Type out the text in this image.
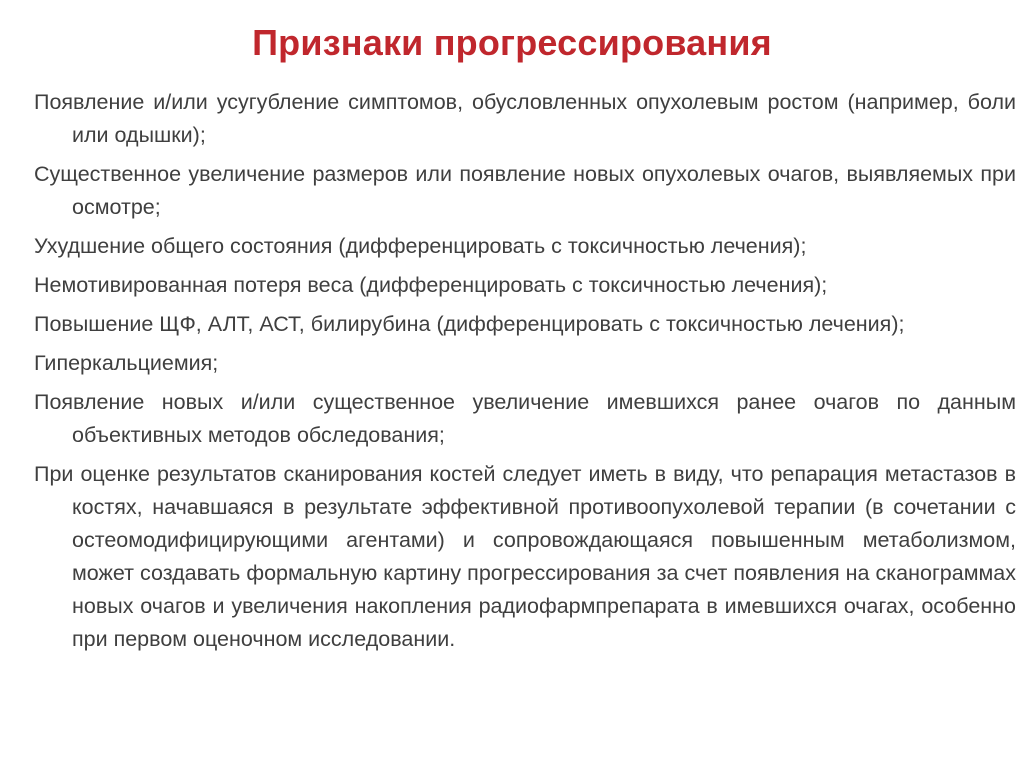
Признаки прогрессирования
Появление и/или усугубление симптомов, обусловленных опухолевым ростом (например, боли или одышки);
Существенное увеличение размеров или появление новых опухолевых очагов, выявляемых при осмотре;
Ухудшение общего состояния (дифференцировать с токсичностью лечения);
Немотивированная потеря веса (дифференцировать с токсичностью лечения);
Повышение ЩФ, АЛТ, АСТ, билирубина (дифференцировать с токсичностью лечения);
Гиперкальциемия;
Появление новых и/или существенное увеличение имевшихся ранее очагов по данным объективных методов обследования;
При оценке результатов сканирования костей следует иметь в виду, что репарация метастазов в костях, начавшаяся в результате эффективной противоопухолевой терапии (в сочетании с остеомодифицирующими агентами) и сопровождающаяся повышенным метаболизмом, может создавать формальную картину прогрессирования за счет появления на сканограммах новых очагов и увеличения накопления радиофармпрепарата в имевшихся очагах, особенно при первом оценочном исследовании.
